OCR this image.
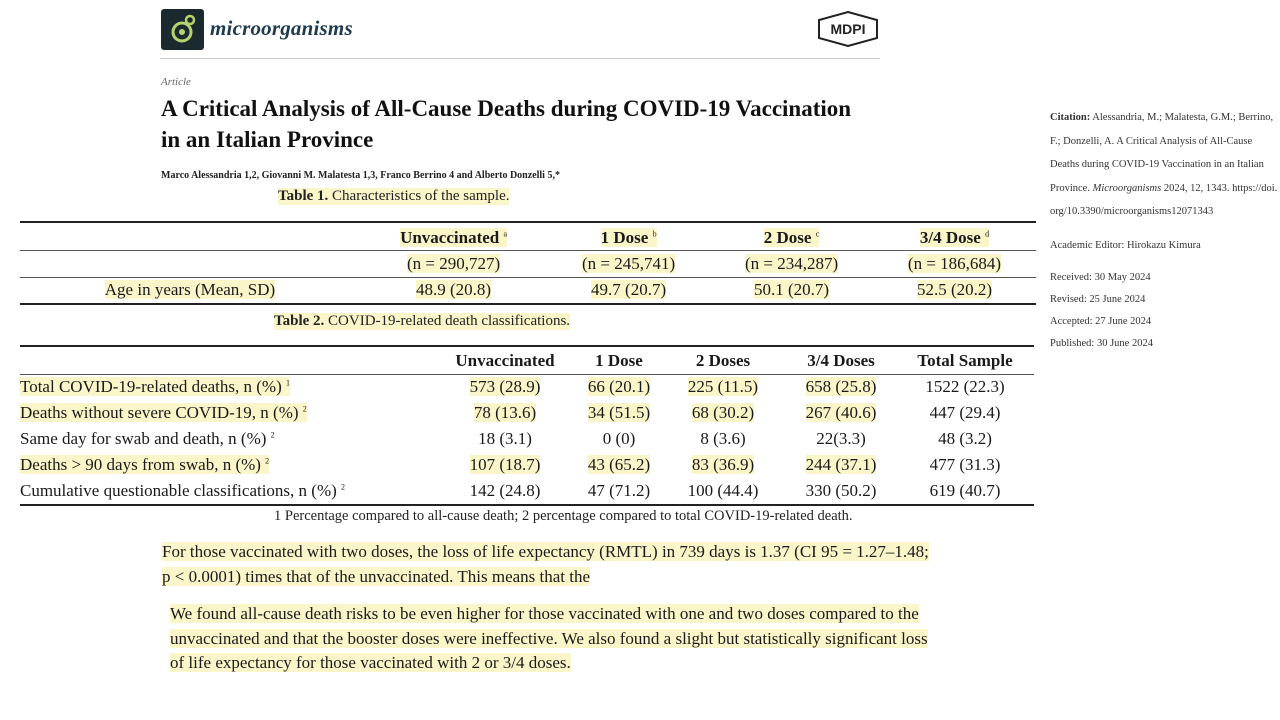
microorganisms	MDPI
Article
A Critical Analysis of All-Cause Deaths during COVID-19 Vaccination in an Italian Province
Marco Alessandria 1,2, Giovanni M. Malatesta 1,3, Franco Berrino 4 and Alberto Donzelli 5,*
Citation: Alessandria, M.; Malatesta, G.M.; Berrino, F.; Donzelli, A. A Critical Analysis of All-Cause Deaths during COVID-19 Vaccination in an Italian Province. Microorganisms 2024, 12, 1343. https://doi.org/10.3390/microorganisms12071343
Academic Editor: Hirokazu Kimura
Received: 30 May 2024
Revised: 25 June 2024
Accepted: 27 June 2024
Published: 30 June 2024
Table 1. Characteristics of the sample.
	Unvaccinated $^a$	1 Dose $^b$	2 Dose $^c$	3/4 Dose $^d$
	(n = 290,727)	(n = 245,741)	(n = 234,287)	(n = 186,684)
Age in years (Mean, SD)	48.9 (20.8)	49.7 (20.7)	50.1 (20.7)	52.5 (20.2)
Table 2. COVID-19-related death classifications.
	Unvaccinated	1 Dose	2 Doses	3/4 Doses	Total Sample
Total COVID-19-related deaths, n (%) $^1$	573 (28.9)	66 (20.1)	225 (11.5)	658 (25.8)	1522 (22.3)
Deaths without severe COVID-19, n (%) $^2$	78 (13.6)	34 (51.5)	68 (30.2)	267 (40.6)	447 (29.4)
Same day for swab and death, n (%) $^2$	18 (3.1)	0 (0)	8 (3.6)	22(3.3)	48 (3.2)
Deaths > 90 days from swab, n (%) $^2$	107 (18.7)	43 (65.2)	83 (36.9)	244 (37.1)	477 (31.3)
Cumulative questionable classifications, n (%) $^2$	142 (24.8)	47 (71.2)	100 (44.4)	330 (50.2)	619 (40.7)
1 Percentage compared to all-cause death; 2 percentage compared to total COVID-19-related death.
For those vaccinated with two doses, the loss of life expectancy (RMTL) in 739 days is 1.37 (CI 95 = 1.27–1.48; p < 0.0001) times that of the unvaccinated. This means that the
We found all-cause death risks to be even higher for those vaccinated with one and two doses compared to the unvaccinated and that the booster doses were ineffective. We also found a slight but statistically significant loss of life expectancy for those vaccinated with 2 or 3/4 doses.
